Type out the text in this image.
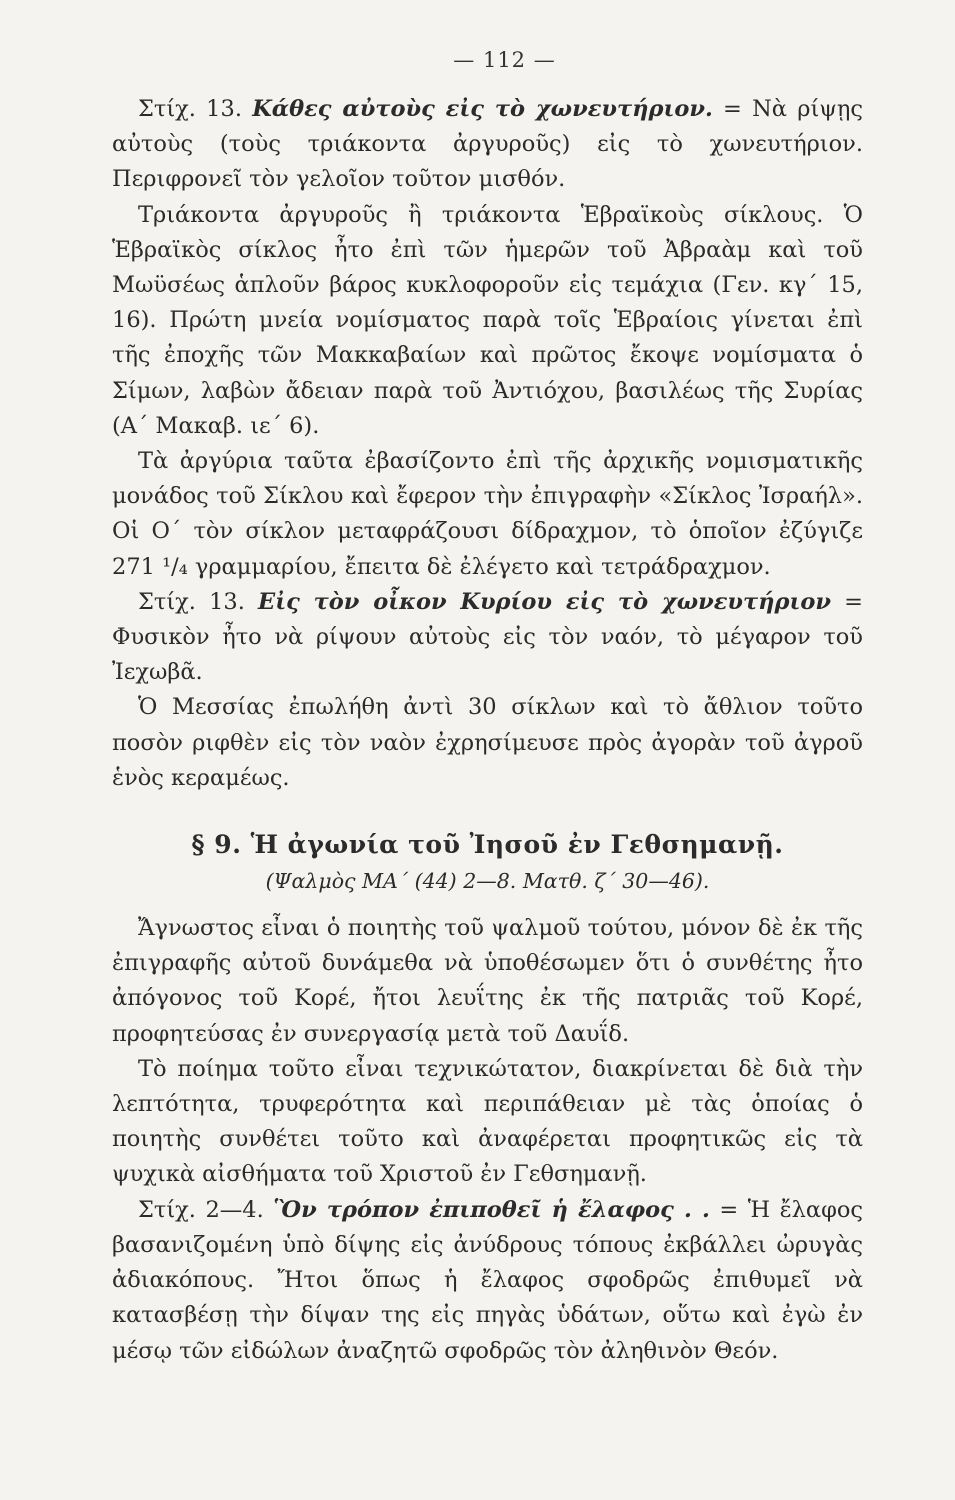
— 112 —

Στίχ. 13. Κάθες αὐτοὺς εἰς τὸ χωνευτήριον. = Νὰ ρίψῃς αὐτοὺς (τοὺς τριάκοντα ἀργυροῦς) εἰς τὸ χωνευτήριον. Περιφρονεῖ τὸν γελοῖον τοῦτον μισθόν.

Τριάκοντα ἀργυροῦς ἢ τριάκοντα Ἑβραϊκοὺς σίκλους. Ὁ Ἑβραϊκὸς σίκλος ἦτο ἐπὶ τῶν ἡμερῶν τοῦ Ἀβραὰμ καὶ τοῦ Μωϋσέως ἁπλοῦν βάρος κυκλοφοροῦν εἰς τεμάχια (Γεν. κγ΄ 15, 16). Πρώτη μνεία νομίσματος παρὰ τοῖς Ἑβραίοις γίνεται ἐπὶ τῆς ἐποχῆς τῶν Μακκαβαίων καὶ πρῶτος ἔκοψε νομίσματα ὁ Σίμων, λαβὼν ἄδειαν παρὰ τοῦ Ἀντιόχου, βασιλέως τῆς Συρίας (Α΄ Μακαβ. ιε΄ 6).

Τὰ ἀργύρια ταῦτα ἐβασίζοντο ἐπὶ τῆς ἀρχικῆς νομισματικῆς μονάδος τοῦ Σίκλου καὶ ἔφερον τὴν ἐπιγραφὴν «Σίκλος Ἰσραήλ». Οἱ Ο΄ τὸν σίκλον μεταφράζουσι δίδραχμον, τὸ ὁποῖον ἐζύγιζε 271 ¹/₄ γραμμαρίου, ἔπειτα δὲ ἐλέγετο καὶ τετράδραχμον.

Στίχ. 13. Εἰς τὸν οἶκον Κυρίου εἰς τὸ χωνευτήριον = Φυσικὸν ἦτο νὰ ρίψουν αὐτοὺς εἰς τὸν ναόν, τὸ μέγαρον τοῦ Ἰεχωβᾶ.

Ὁ Μεσσίας ἐπωλήθη ἀντὶ 30 σίκλων καὶ τὸ ἄθλιον τοῦτο ποσὸν ριφθὲν εἰς τὸν ναὸν ἐχρησίμευσε πρὸς ἀγορὰν τοῦ ἀγροῦ ἑνὸς κεραμέως.

§ 9. Ἡ ἀγωνία τοῦ Ἰησοῦ ἐν Γεθσημανῇ.
(Ψαλμὸς ΜΑ΄ (44) 2—8. Ματθ. ζ΄ 30—46).

Ἄγνωστος εἶναι ὁ ποιητὴς τοῦ ψαλμοῦ τούτου, μόνον δὲ ἐκ τῆς ἐπιγραφῆς αὐτοῦ δυνάμεθα νὰ ὑποθέσωμεν ὅτι ὁ συνθέτης ἦτο ἀπόγονος τοῦ Κορέ, ἤτοι λευΐτης ἐκ τῆς πατριᾶς τοῦ Κορέ, προφητεύσας ἐν συνεργασίᾳ μετὰ τοῦ Δαυΐδ.

Τὸ ποίημα τοῦτο εἶναι τεχνικώτατον, διακρίνεται δὲ διὰ τὴν λεπτότητα, τρυφερότητα καὶ περιπάθειαν μὲ τὰς ὁποίας ὁ ποιητὴς συνθέτει τοῦτο καὶ ἀναφέρεται προφητικῶς εἰς τὰ ψυχικὰ αἰσθήματα τοῦ Χριστοῦ ἐν Γεθσημανῇ.

Στίχ. 2—4. Ὃν τρόπον ἐπιποθεῖ ἡ ἔλαφος . . = Ἡ ἔλαφος βασανιζομένη ὑπὸ δίψης εἰς ἀνύδρους τόπους ἐκβάλλει ὠρυγὰς ἀδιακόπους. Ἤτοι ὅπως ἡ ἔλαφος σφοδρῶς ἐπιθυμεῖ νὰ κατασβέσῃ τὴν δίψαν της εἰς πηγὰς ὑδάτων, οὕτω καὶ ἐγὼ ἐν μέσῳ τῶν εἰδώλων ἀναζητῶ σφοδρῶς τὸν ἀληθινὸν Θεόν.
